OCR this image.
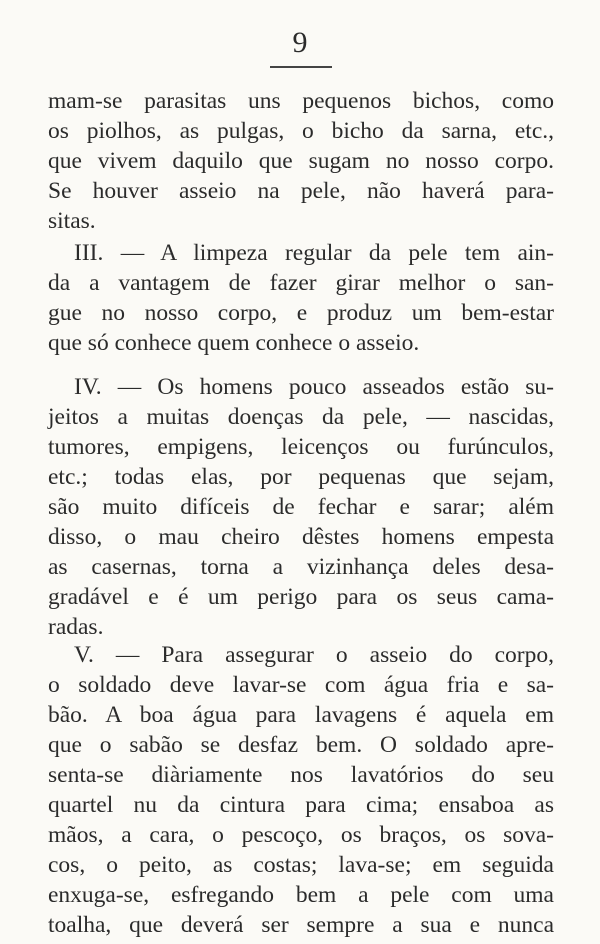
9
mam-se parasitas uns pequenos bichos, como
os piolhos, as pulgas, o bicho da sarna, etc.,
que vivem daquilo que sugam no nosso corpo.
Se houver asseio na pele, não haverá para-
sitas.
III. — A limpeza regular da pele tem ain-
da a vantagem de fazer girar melhor o san-
gue no nosso corpo, e produz um bem-estar
que só conhece quem conhece o asseio.
IV. — Os homens pouco asseados estão su-
jeitos a muitas doenças da pele, — nascidas,
tumores, empigens, leicenços ou furúnculos,
etc.; todas elas, por pequenas que sejam,
são muito difíceis de fechar e sarar; além
disso, o mau cheiro dêstes homens empesta
as casernas, torna a vizinhança deles desa-
gradável e é um perigo para os seus cama-
radas.
V. — Para assegurar o asseio do corpo,
o soldado deve lavar-se com água fria e sa-
bão. A boa água para lavagens é aquela em
que o sabão se desfaz bem. O soldado apre-
senta-se diàriamente nos lavatórios do seu
quartel nu da cintura para cima; ensaboa as
mãos, a cara, o pescoço, os braços, os sova-
cos, o peito, as costas; lava-se; em seguida
enxuga-se, esfregando bem a pele com uma
toalha, que deverá ser sempre a sua e nunca
